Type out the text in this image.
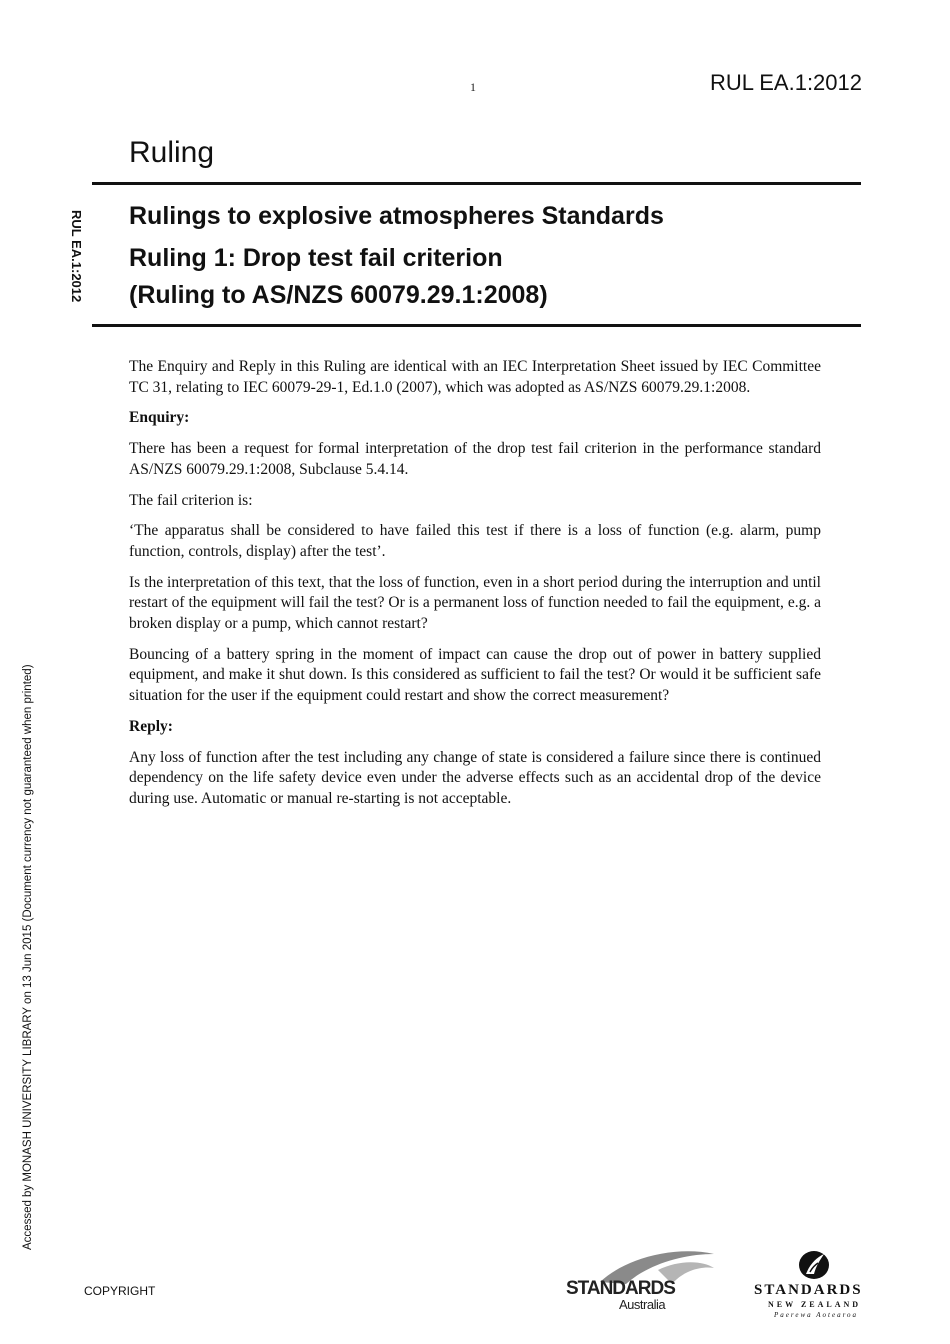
1	RUL EA.1:2012
RUL EA.1:2012
Accessed by MONASH UNIVERSITY LIBRARY on 13 Jun 2015 (Document currency not guaranteed when printed)
Ruling
Rulings to explosive atmospheres Standards
Ruling 1: Drop test fail criterion
(Ruling to AS/NZS 60079.29.1:2008)

The Enquiry and Reply in this Ruling are identical with an IEC Interpretation Sheet issued by IEC Committee TC 31, relating to IEC 60079-29-1, Ed.1.0 (2007), which was adopted as AS/NZS 60079.29.1:2008.

Enquiry:

There has been a request for formal interpretation of the drop test fail criterion in the performance standard AS/NZS 60079.29.1:2008, Subclause 5.4.14.

The fail criterion is:

‘The apparatus shall be considered to have failed this test if there is a loss of function (e.g. alarm, pump function, controls, display) after the test’.

Is the interpretation of this text, that the loss of function, even in a short period during the interruption and until restart of the equipment will fail the test? Or is a permanent loss of function needed to fail the equipment, e.g. a broken display or a pump, which cannot restart?

Bouncing of a battery spring in the moment of impact can cause the drop out of power in battery supplied equipment, and make it shut down. Is this considered as sufficient to fail the test? Or would it be sufficient safe situation for the user if the equipment could restart and show the correct measurement?

Reply:

Any loss of function after the test including any change of state is considered a failure since there is continued dependency on the life safety device even under the adverse effects such as an accidental drop of the device during use. Automatic or manual re-starting is not acceptable.

COPYRIGHT	STANDARDS
Australia
STANDARDS
NEW ZEALAND
Paerewa Aotearoa
